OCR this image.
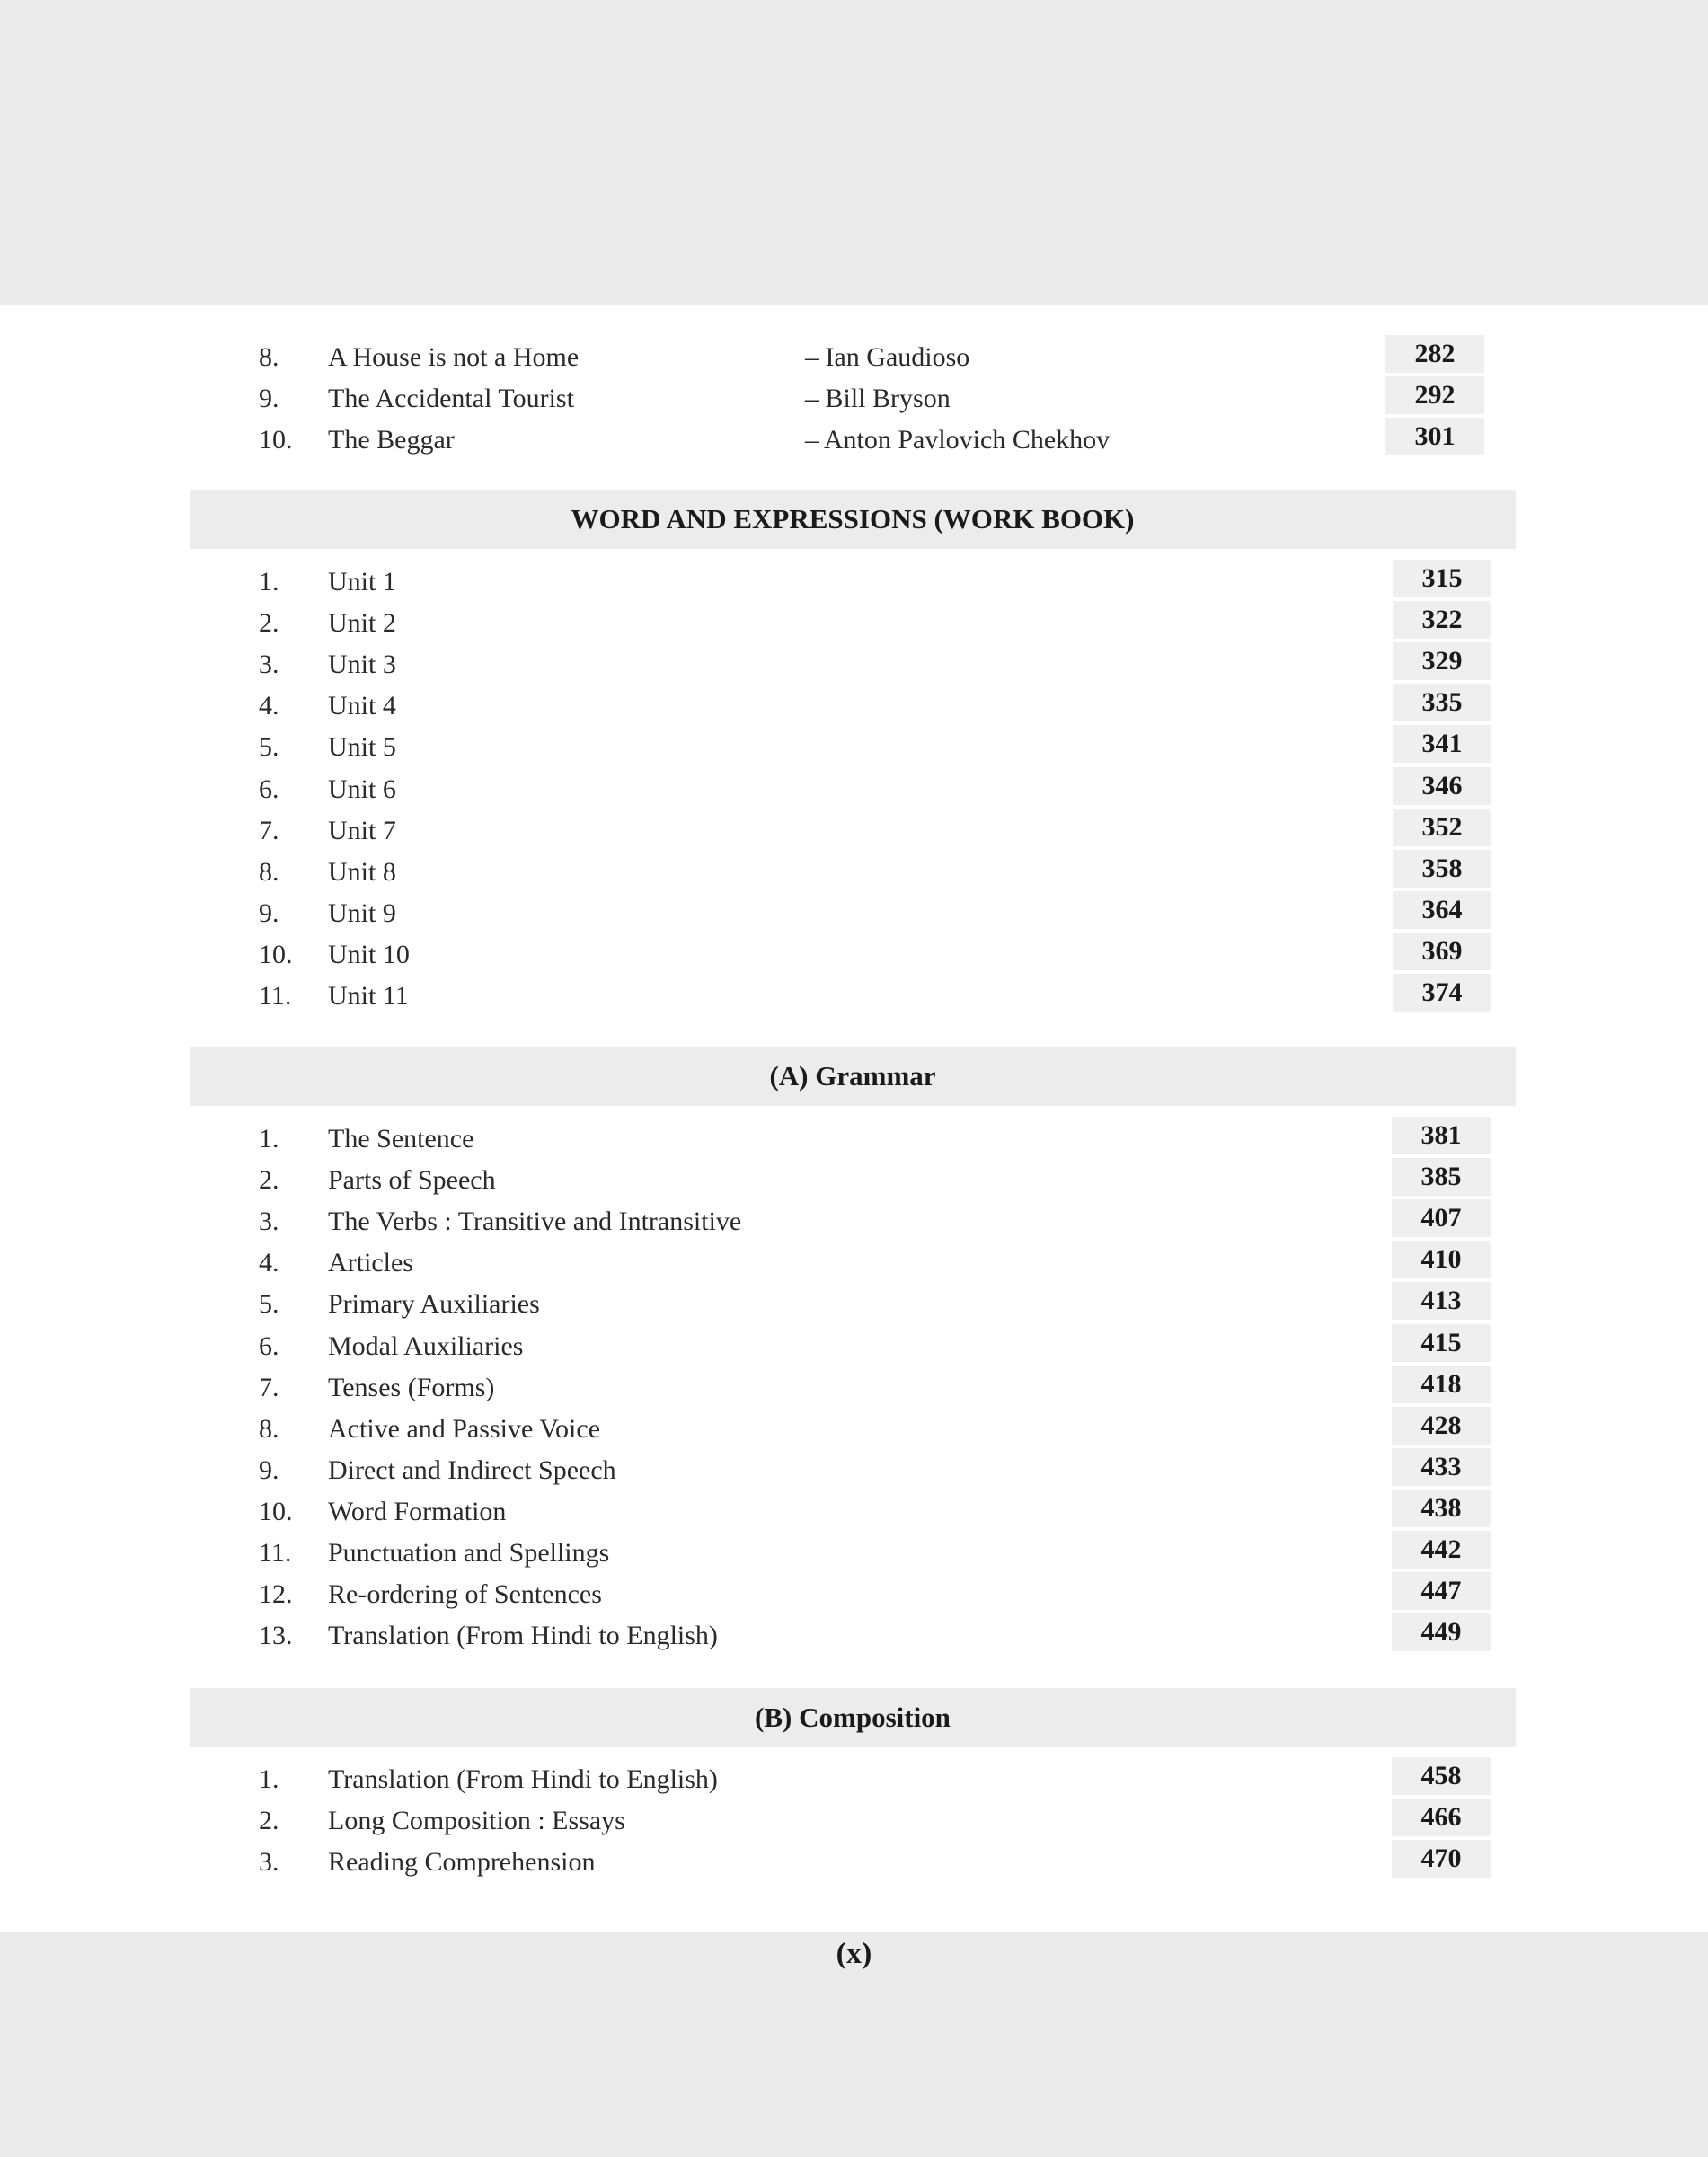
8. A House is not a Home	– Ian Gaudioso	282
9. The Accidental Tourist	– Bill Bryson	292
10. The Beggar	– Anton Pavlovich Chekhov	301
WORD AND EXPRESSIONS (WORK BOOK)
1. Unit 1	315
2. Unit 2	322
3. Unit 3	329
4. Unit 4	335
5. Unit 5	341
6. Unit 6	346
7. Unit 7	352
8. Unit 8	358
9. Unit 9	364
10. Unit 10	369
11. Unit 11	374
(A) Grammar
1. The Sentence	381
2. Parts of Speech	385
3. The Verbs : Transitive and Intransitive	407
4. Articles	410
5. Primary Auxiliaries	413
6. Modal Auxiliaries	415
7. Tenses (Forms)	418
8. Active and Passive Voice	428
9. Direct and Indirect Speech	433
10. Word Formation	438
11. Punctuation and Spellings	442
12. Re-ordering of Sentences	447
13. Translation (From Hindi to English)	449
(B) Composition
1. Translation (From Hindi to English)	458
2. Long Composition : Essays	466
3. Reading Comprehension	470
(x)
